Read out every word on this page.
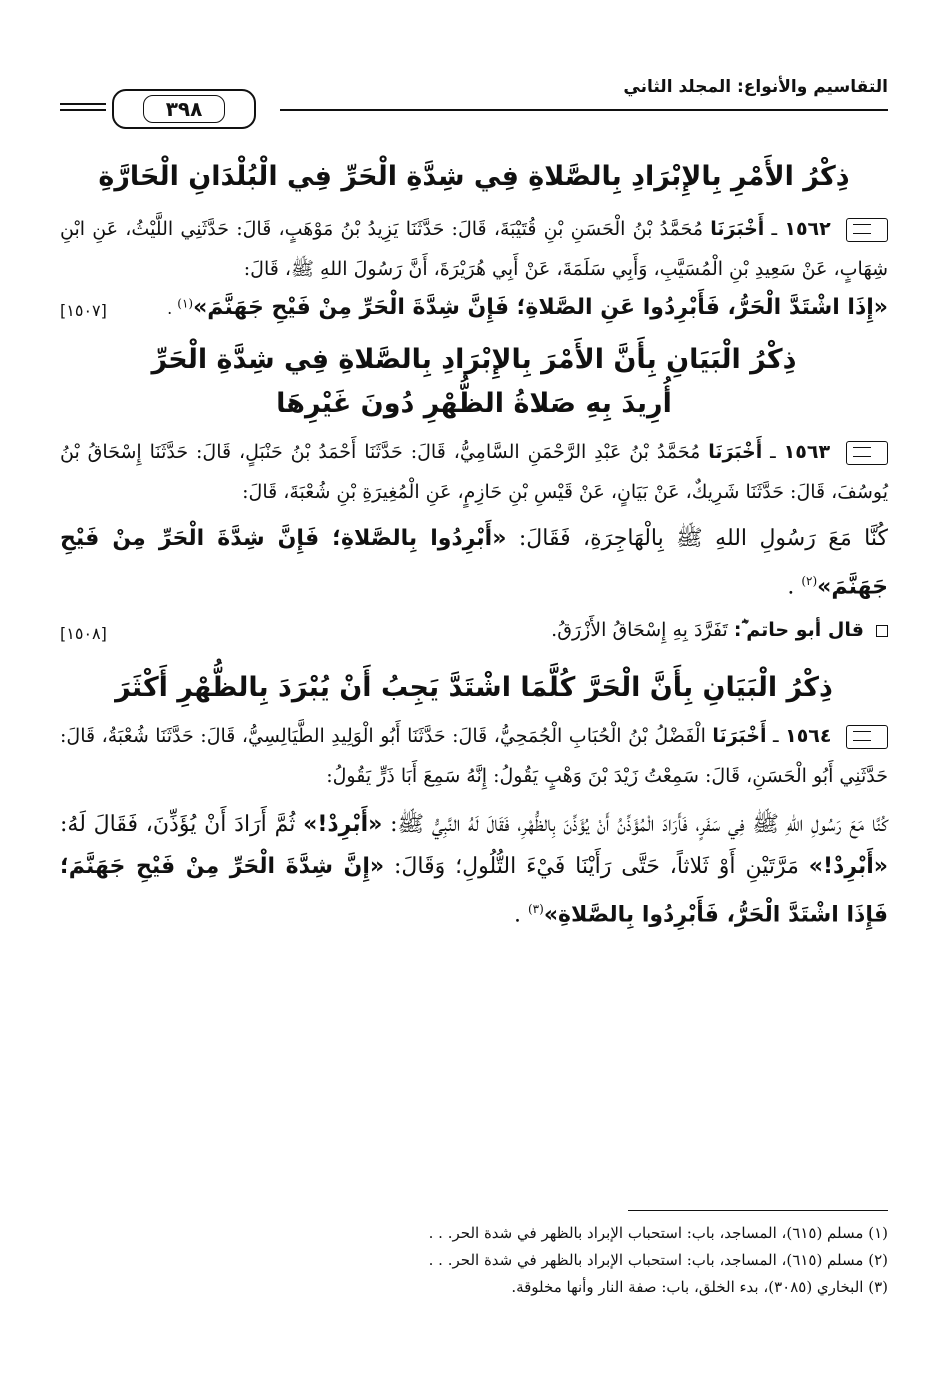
التقاسيم والأنواع: المجلد الثاني
٣٩٨
ذِكْرُ الأَمْرِ بِالإِبْرَادِ بِالصَّلاةِ فِي شِدَّةِ الْحَرِّ فِي الْبُلْدَانِ الْحَارَّةِ

١٥٦٢ ـ أَخْبَرَنَا مُحَمَّدُ بْنُ الْحَسَنِ بْنِ قُتَيْبَةَ، قَالَ: حَدَّثَنَا يَزِيدُ بْنُ مَوْهَبٍ، قَالَ: حَدَّثَنِي اللَّيْثُ، عَنِ ابْنِ شِهَابٍ، عَنْ سَعِيدِ بْنِ الْمُسَيَّبِ، وَأَبِي سَلَمَةَ، عَنْ أَبِي هُرَيْرَةَ، أَنَّ رَسُولَ اللهِ ﷺ، قَالَ:

«إِذَا اشْتَدَّ الْحَرُّ، فَأَبْرِدُوا عَنِ الصَّلاةِ؛ فَإِنَّ شِدَّةَ الْحَرِّ مِنْ فَيْحِ جَهَنَّمَ»$^{(١)}$ .
[١٥٠٧]
ذِكْرُ الْبَيَانِ بِأَنَّ الأَمْرَ بِالإِبْرَادِ بِالصَّلاةِ فِي شِدَّةِ الْحَرِّ
أُرِيدَ بِهِ صَلاةُ الظُّهْرِ دُونَ غَيْرِهَا

١٥٦٣ ـ أَخْبَرَنَا مُحَمَّدُ بْنُ عَبْدِ الرَّحْمَنِ السَّامِيُّ، قَالَ: حَدَّثَنَا أَحْمَدُ بْنُ حَنْبَلٍ، قَالَ: حَدَّثَنَا إِسْحَاقُ بْنُ يُوسُفَ، قَالَ: حَدَّثَنَا شَرِيكٌ، عَنْ بَيَانٍ، عَنْ قَيْسِ بْنِ حَازِمٍ، عَنِ الْمُغِيرَةِ بْنِ شُعْبَةَ، قَالَ:

كُنَّا مَعَ رَسُولِ اللهِ ﷺ بِالْهَاجِرَةِ، فَقَالَ: «أَبْرِدُوا بِالصَّلاةِ؛ فَإِنَّ شِدَّةَ الْحَرِّ مِنْ فَيْحِ جَهَنَّمَ»$^{(٢)}$ .

قال أبو حاتم ؓ: تَفَرَّدَ بِهِ إِسْحَاقُ الأَزْرَقُ.
[١٥٠٨]
ذِكْرُ الْبَيَانِ بِأَنَّ الْحَرَّ كُلَّمَا اشْتَدَّ يَجِبُ أَنْ يُبْرَدَ بِالظُّهْرِ أَكْثَرَ

١٥٦٤ ـ أَخْبَرَنَا الْفَضْلُ بْنُ الْحُبَابِ الْجُمَحِيُّ، قَالَ: حَدَّثَنَا أَبُو الْوَلِيدِ الطَّيَالِسِيُّ، قَالَ: حَدَّثَنَا شُعْبَةُ، قَالَ: حَدَّثَنِي أَبُو الْحَسَنِ، قَالَ: سَمِعْتُ زَيْدَ بْنَ وَهْبٍ يَقُولُ: إِنَّهُ سَمِعَ أَبَا ذَرٍّ يَقُولُ:

كُنَّا مَعَ رَسُولِ اللهِ ﷺ فِي سَفَرٍ، فَأَرَادَ الْمُؤَذِّنُ أَنْ يُؤَذِّنَ بِالظُّهْرِ، فَقَالَ لَهُ النَّبِيُّ ﷺ: «أَبْرِدْ!» ثُمَّ أَرَادَ أَنْ يُؤَذِّنَ، فَقَالَ لَهُ: «أَبْرِدْ!» مَرَّتَيْنِ أَوْ ثَلاثاً، حَتَّى رَأَيْنَا فَيْءَ التُّلُولِ؛ وَقَالَ: «إِنَّ شِدَّةَ الْحَرِّ مِنْ فَيْحِ جَهَنَّمَ؛ فَإِذَا اشْتَدَّ الْحَرُّ، فَأَبْرِدُوا بِالصَّلاةِ»$^{(٣)}$ .

(١) مسلم (٦١٥)، المساجد، باب: استحباب الإبراد بالظهر في شدة الحر. . .

(٢) مسلم (٦١٥)، المساجد، باب: استحباب الإبراد بالظهر في شدة الحر. . .

(٣) البخاري (٣٠٨٥)، بدء الخلق، باب: صفة النار وأنها مخلوقة.
